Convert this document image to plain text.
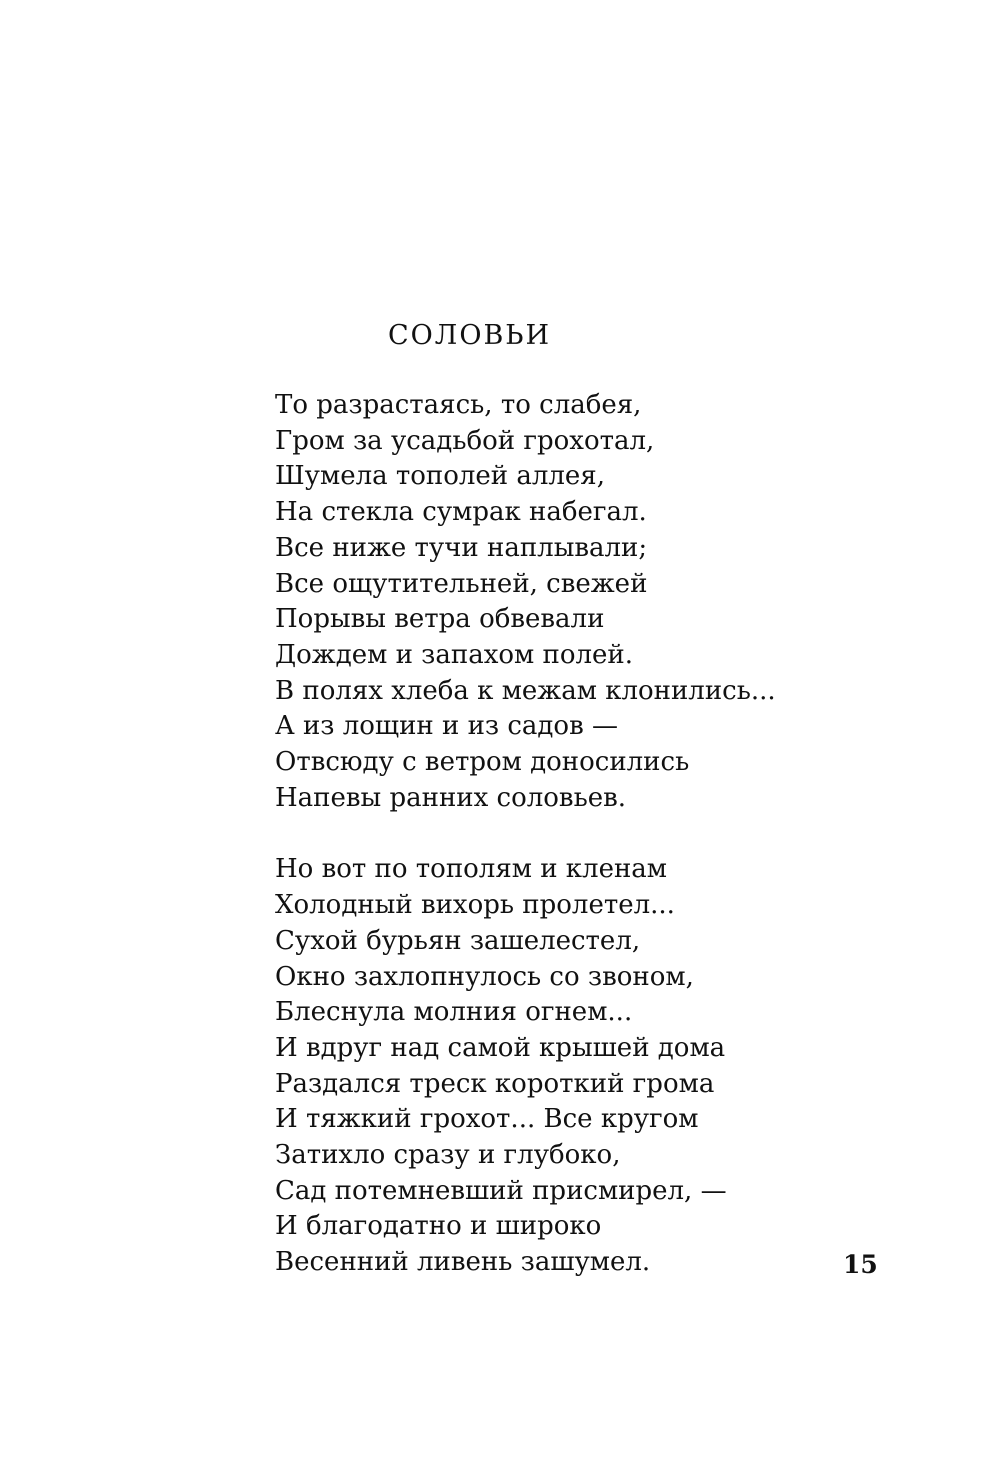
СОЛОВЬИ
То разрастаясь, то слабея,
Гром за усадьбой грохотал,
Шумела тополей аллея,
На стекла сумрак набегал.
Все ниже тучи наплывали;
Все ощутительней, свежей
Порывы ветра обвевали
Дождем и запахом полей.
В полях хлеба к межам клонились...
А из лощин и из садов —
Отвсюду с ветром доносились
Напевы ранних соловьев.
Но вот по тополям и кленам
Холодный вихорь пролетел...
Сухой бурьян зашелестел,
Окно захлопнулось со звоном,
Блеснула молния огнем...
И вдруг над самой крышей дома
Раздался треск короткий грома
И тяжкий грохот... Все кругом
Затихло сразу и глубоко,
Сад потемневший присмирел, —
И благодатно и широко
Весенний ливень зашумел.	15
